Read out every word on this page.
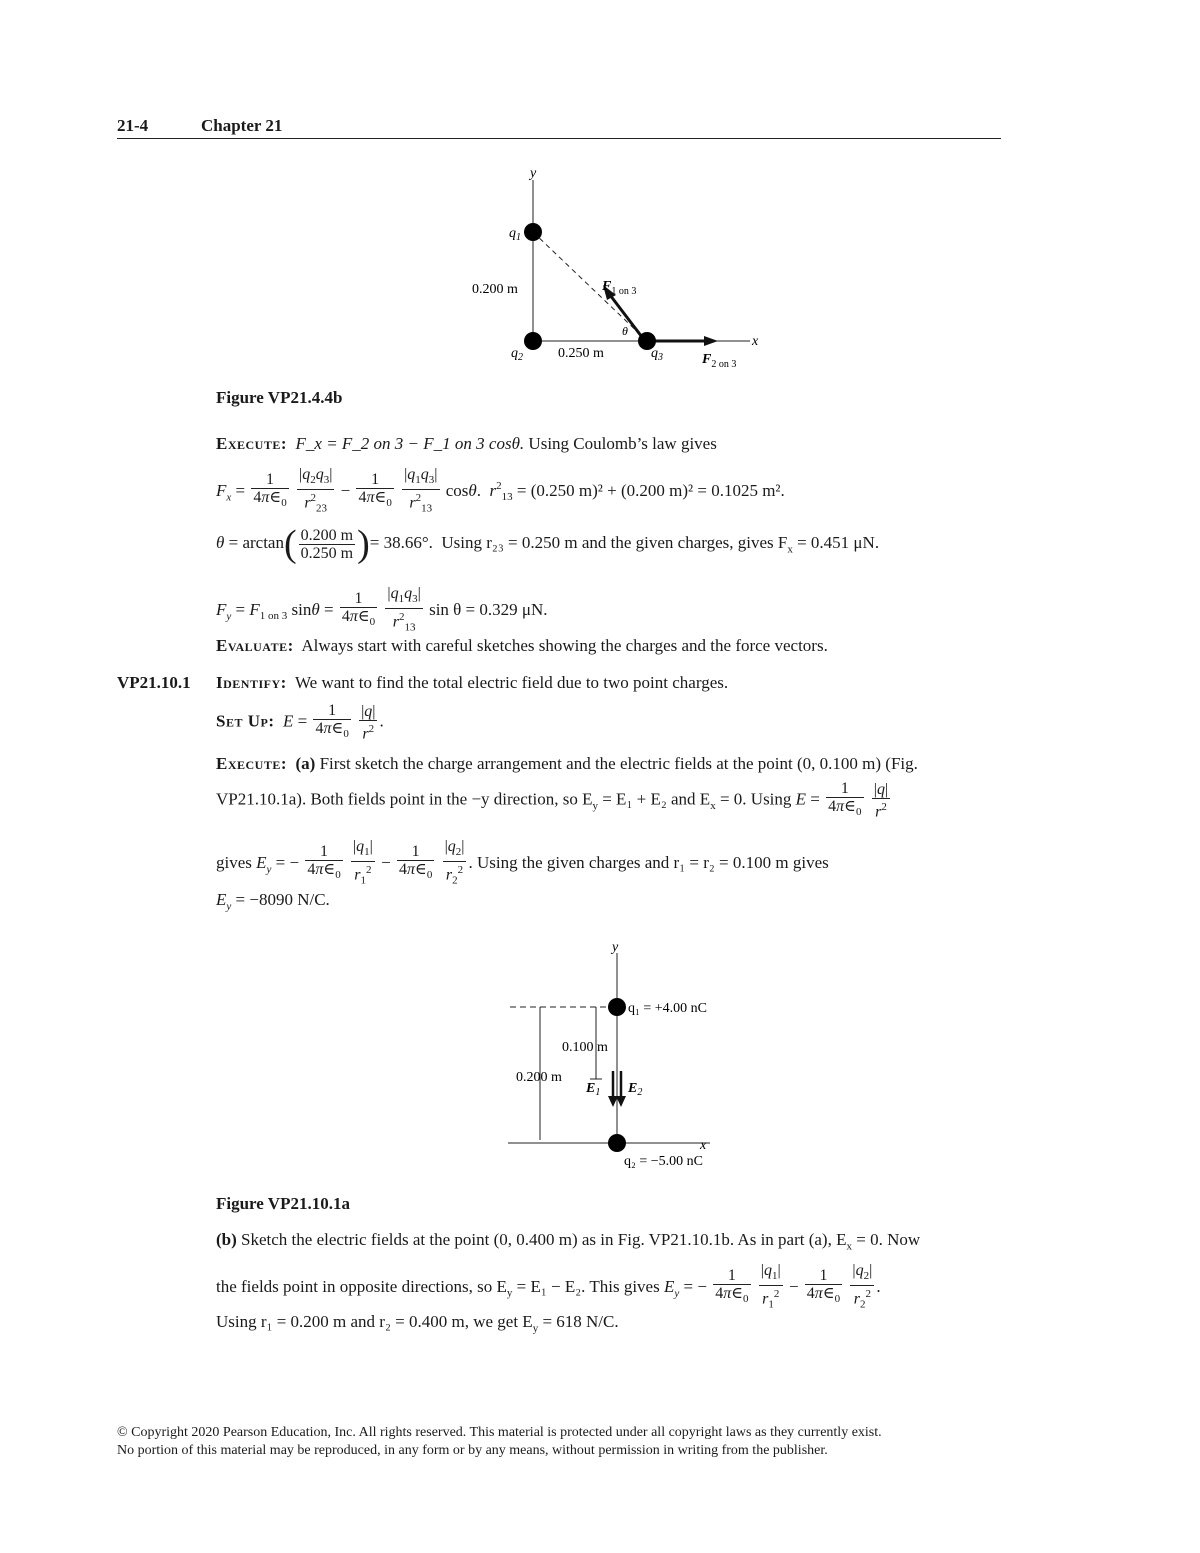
21-4	Chapter 21
y
x
$q_1$
$q_2$	$q_3$
0.200 m
0.250 m
$F_{1 on 3}$
$F_{2 on 3}$
θ
Figure VP21.4.4b
Execute: F_x = F_2 on 3 − F_1 on 3 cosθ. Using Coulomb’s law gives
$F_x = \frac{1}{4\pi\in_0}$
$\frac{|q_2q_3|}{r^2_{23}} - \frac{1}{4\pi\in_0}$
$\frac{|q_1q_3|}{r^2_{13}} \cos\theta$.  $r^2_{13} = (0.250$ m)² + (0.200 m)² = 0.1025 m².
$\theta = \arctan( \frac{0.200 m}{0.250 m}$ )= 38.66°. Using r₂₃ = 0.250 m and the given charges, gives $F_x = 0.451$ μN.
$F_y = F_{1 on 3}$ $\sin\theta = \frac{1}{4\pi\in_0}$
$\frac{|q_1q_3|}{r^2_{13}}$ sin θ = 0.329 μN.
Evaluate: Always start with careful sketches showing the charges and the force vectors.
VP21.10.1 Identify: We want to find the total electric field due to two point charges.
Set Up: $E = \frac{1}{4\pi\in_0}$
$\frac{|q|}{r^2}$ .
Execute: (a) First sketch the charge arrangement and the electric fields at the point (0, 0.100 m) (Fig.
VP21.10.1a). Both fields point in the −y direction, so $E_y = E_1 + E_2$ and $E_x = 0$. Using $E = \frac{1}{4\pi\in_0}$
$\frac{|q|}{r^2}$
gives $E_y$ = − $\frac{1}{4\pi\in_0}$
$\frac{|q_1|}{r_1^2} - \frac{1}{4\pi\in_0}$
$\frac{|q_2|}{r_2^2}$ . Using the given charges and r₁ = r₂ = 0.100 m gives
$E_y = -8090$ N/C.
y
x
q₁ = +4.00 nC
q₂ = −5.00 nC
0.100 m
0.200 m
$E_1$ $E_2$
Figure VP21.10.1a
(b) Sketch the electric fields at the point (0, 0.400 m) as in Fig. VP21.10.1b. As in part (a), $E_x = 0$. Now
the fields point in opposite directions, so $E_y = E_1 - E_2$. This gives $E_y$ = − $\frac{1}{4\pi\in_0}$
$\frac{|q_1|}{r_1^2} - \frac{1}{4\pi\in_0}$
$\frac{|q_2|}{r_2^2}$ .
Using r₁ = 0.200 m and r₂ = 0.400 m, we get $E_y = 618$ N/C.
© Copyright 2020 Pearson Education, Inc. All rights reserved. This material is protected under all copyright laws as they currently exist.
No portion of this material may be reproduced, in any form or by any means, without permission in writing from the publisher.
